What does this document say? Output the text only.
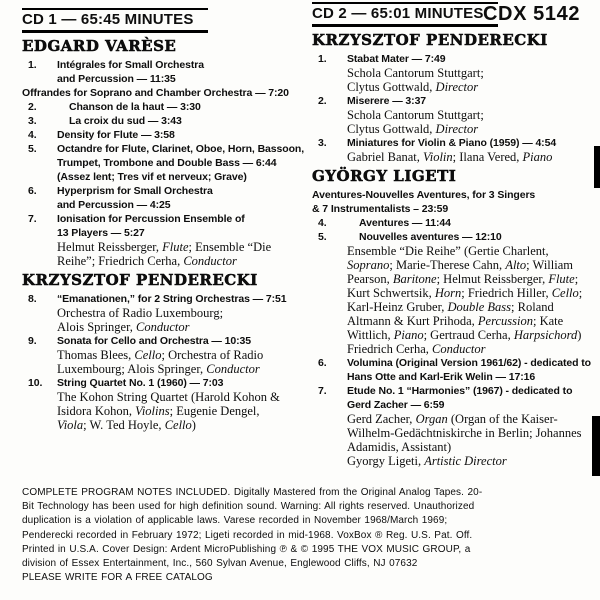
CD 1 — 65:45 MINUTES
EDGARD VARÈSE
1. Intégrales for Small Orchestra
and Percussion — 11:35
Offrandes for Soprano and Chamber Orchestra — 7:20
2.	Chanson de la haut — 3:30
3.	La croix du sud — 3:43
4. Density for Flute — 3:58
5. Octandre for Flute, Clarinet, Oboe, Horn, Bassoon,
Trumpet, Trombone and Double Bass — 6:44
(Assez lent; Tres vif et nerveux; Grave)
6. Hyperprism for Small Orchestra
and Percussion — 4:25
7. Ionisation for Percussion Ensemble of
13 Players — 5:27
Helmut Reissberger, Flute; Ensemble “Die
Reihe”; Friedrich Cerha, Conductor
KRZYSZTOF PENDERECKI
8. “Emanationen,” for 2 String Orchestras — 7:51
Orchestra of Radio Luxembourg;
Alois Springer, Conductor
9. Sonata for Cello and Orchestra — 10:35
Thomas Blees, Cello; Orchestra of Radio
Luxembourg; Alois Springer, Conductor
10. String Quartet No. 1 (1960) — 7:03
The Kohon String Quartet (Harold Kohon &
Isidora Kohon, Violins; Eugenie Dengel,
Viola; W. Ted Hoyle, Cello)
CD 2 — 65:01 MINUTES
KRZYSZTOF PENDERECKI
1. Stabat Mater — 7:49
Schola Cantorum Stuttgart;
Clytus Gottwald, Director
2. Miserere — 3:37
Schola Cantorum Stuttgart;
Clytus Gottwald, Director
3. Miniatures for Violin & Piano (1959) — 4:54
Gabriel Banat, Violin; Ilana Vered, Piano
GYÖRGY LIGETI
Aventures-Nouvelles Aventures, for 3 Singers
& 7 Instrumentalists – 23:59
4.	Aventures — 11:44
5.	Nouvelles aventures — 12:10
Ensemble “Die Reihe” (Gertie Charlent,
Soprano; Marie-Therese Cahn, Alto; William
Pearson, Baritone; Helmut Reissberger, Flute;
Kurt Schwertsik, Horn; Friedrich Hiller, Cello;
Karl-Heinz Gruber, Double Bass; Roland
Altmann & Kurt Prihoda, Percussion; Kate
Wittlich, Piano; Gertraud Cerha, Harpsichord)
Friedrich Cerha, Conductor
6. Volumina (Original Version 1961/62) - dedicated to
Hans Otte and Karl-Erik Welin — 17:16
7. Etude No. 1 “Harmonies” (1967) - dedicated to
Gerd Zacher — 6:59
Gerd Zacher, Organ (Organ of the Kaiser-
Wilhelm-Gedächtniskirche in Berlin; Johannes
Adamidis, Assistant)
Gyorgy Ligeti, Artistic Director
CDX 5142
COMPLETE PROGRAM NOTES INCLUDED. Digitally Mastered from the Original Analog Tapes. 20-
Bit Technology has been used for high definition sound. Warning: All rights reserved. Unauthorized
duplication is a violation of applicable laws. Varese recorded in November 1968/March 1969;
Penderecki recorded in February 1972; Ligeti recorded in mid-1968. VoxBox ® Reg. U.S. Pat. Off.
Printed in U.S.A. Cover Design: Ardent MicroPublishing ℗ & © 1995 THE VOX MUSIC GROUP, a
division of Essex Entertainment, Inc., 560 Sylvan Avenue, Englewood Cliffs, NJ 07632
PLEASE WRITE FOR A FREE CATALOG
